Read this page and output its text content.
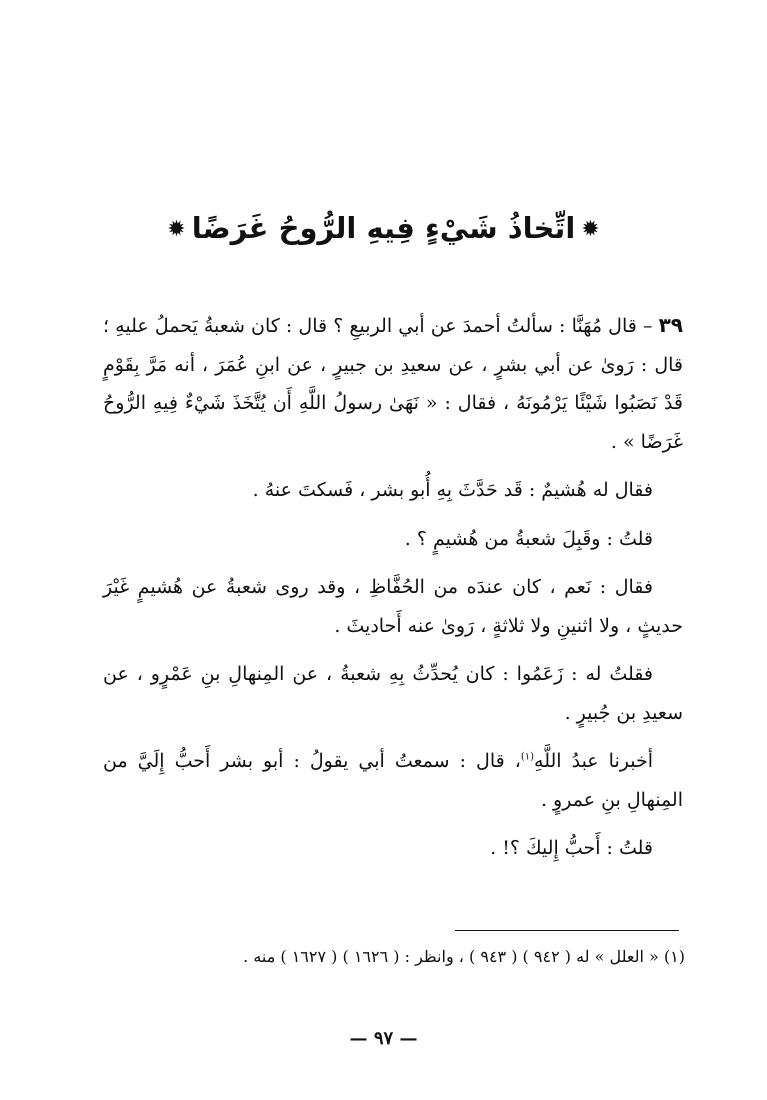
✹اتِّخاذُ شَيْءٍ فِيهِ الرُّوحُ غَرَضًا✹

٣٩ – قال مُهَنَّا : سألتُ أحمدَ عن أبي الربيعِ ؟ قال : كان شعبةُ يَحملُ عليهِ ؛ قال : رَوىٰ عن أبي بشرٍ ، عن سعيدِ بن جبيرٍ ، عن ابنِ عُمَرَ ، أنه مَرَّ بِقَوْمٍ قَدْ نَصَبُوا شَيْئًا يَرْمُونَهُ ، فقال : « نَهَىٰ رسولُ اللَّهِ أَن يُتَّخَذَ شَيْءٌ فِيهِ الرُّوحُ غَرَضًا » .

فقال له هُشيمٌ : قَد حَدَّثَ بِهِ أُبو بشر ، فَسكتَ عنهُ .

قلتُ : وقَبِلَ شعبةُ من هُشيمٍ ؟ .

فقال : نَعم ، كان عندَه من الحُفَّاظِ ، وقد روى شعبةُ عن هُشيمٍ غَيْرَ حديثٍ ، ولا اثنينِ ولا ثلاثةٍ ، رَوىٰ عنه أَحاديثَ .

فقلتُ له : زَعَمُوا : كان يُحدِّثُ بِهِ شعبةُ ، عن المِنهالِ بنِ عَمْرٍو ، عن سعيدِ بن جُبيرٍ .

أخبرنا عبدُ اللَّهِ$^{(١)}$، قال : سمعتُ أبي يقولُ : أبو بشر أَحبُّ إِلَيَّ من المِنهالِ بنِ عمروٍ .

قلتُ : أَحبُّ إِليكَ ؟! .

(١) « العلل » له ( ٩٤٢ ) ( ٩٤٣ ) ، وانظر : ( ١٦٢٦ ) ( ١٦٢٧ ) منه .
— ٩٧ —
